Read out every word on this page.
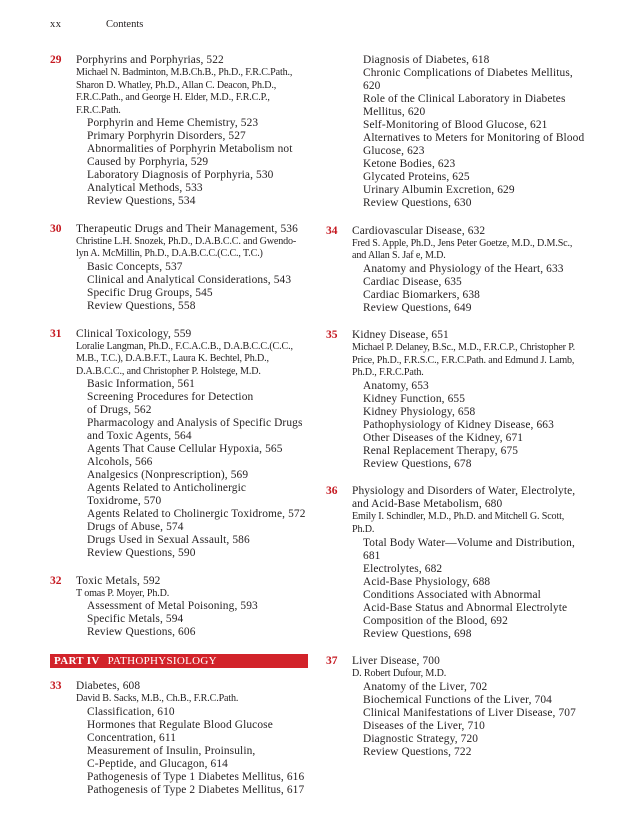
xx	Contents
29 Porphyrins and Porphyrias, 522
Michael N. Badminton, M.B.Ch.B., Ph.D., F.R.C.Path.,
Sharon D. Whatley, Ph.D., Allan C. Deacon, Ph.D.,
F.R.C.Path., and George H. Elder, M.D., F.R.C.P.,
F.R.C.Path.
Porphyrin and Heme Chemistry, 523
Primary Porphyrin Disorders, 527
Abnormalities of Porphyrin Metabolism not
Caused by Porphyria, 529
Laboratory Diagnosis of Porphyria, 530
Analytical Methods, 533
Review Questions, 534
30 Therapeutic Drugs and Their Management, 536
Christine L.H. Snozek, Ph.D., D.A.B.C.C. and Gwendo-
lyn A. McMillin, Ph.D., D.A.B.C.C.(C.C., T.C.)
Basic Concepts, 537
Clinical and Analytical Considerations, 543
Specific Drug Groups, 545
Review Questions, 558
31 Clinical Toxicology, 559
Loralie Langman, Ph.D., F.C.A.C.B., D.A.B.C.C.(C.C.,
M.B., T.C.), D.A.B.F.T., Laura K. Bechtel, Ph.D.,
D.A.B.C.C., and Christopher P. Holstege, M.D.
Basic Information, 561
Screening Procedures for Detection
of Drugs, 562
Pharmacology and Analysis of Specific Drugs
and Toxic Agents, 564
Agents That Cause Cellular Hypoxia, 565
Alcohols, 566
Analgesics (Nonprescription), 569
Agents Related to Anticholinergic
Toxidrome, 570
Agents Related to Cholinergic Toxidrome, 572
Drugs of Abuse, 574
Drugs Used in Sexual Assault, 586
Review Questions, 590
32 Toxic Metals, 592
T omas P. Moyer, Ph.D.
Assessment of Metal Poisoning, 593
Specific Metals, 594
Review Questions, 606
PART IV PATHOPHYSIOLOGY
33 Diabetes, 608
David B. Sacks, M.B., Ch.B., F.R.C.Path.
Classification, 610
Hormones that Regulate Blood Glucose
Concentration, 611
Measurement of Insulin, Proinsulin,
C-Peptide, and Glucagon, 614
Pathogenesis of Type 1 Diabetes Mellitus, 616
Pathogenesis of Type 2 Diabetes Mellitus, 617
Diagnosis of Diabetes, 618
Chronic Complications of Diabetes Mellitus,
620
Role of the Clinical Laboratory in Diabetes
Mellitus, 620
Self-Monitoring of Blood Glucose, 621
Alternatives to Meters for Monitoring of Blood
Glucose, 623
Ketone Bodies, 623
Glycated Proteins, 625
Urinary Albumin Excretion, 629
Review Questions, 630
34 Cardiovascular Disease, 632
Fred S. Apple, Ph.D., Jens Peter Goetze, M.D., D.M.Sc.,
and Allan S. Jaf e, M.D.
Anatomy and Physiology of the Heart, 633
Cardiac Disease, 635
Cardiac Biomarkers, 638
Review Questions, 649
35 Kidney Disease, 651
Michael P. Delaney, B.Sc., M.D., F.R.C.P., Christopher P.
Price, Ph.D., F.R.S.C., F.R.C.Path. and Edmund J. Lamb,
Ph.D., F.R.C.Path.
Anatomy, 653
Kidney Function, 655
Kidney Physiology, 658
Pathophysiology of Kidney Disease, 663
Other Diseases of the Kidney, 671
Renal Replacement Therapy, 675
Review Questions, 678
36 Physiology and Disorders of Water, Electrolyte,
and Acid-Base Metabolism, 680
Emily I. Schindler, M.D., Ph.D. and Mitchell G. Scott,
Ph.D.
Total Body Water—Volume and Distribution,
681
Electrolytes, 682
Acid-Base Physiology, 688
Conditions Associated with Abnormal
Acid-Base Status and Abnormal Electrolyte
Composition of the Blood, 692
Review Questions, 698
37 Liver Disease, 700
D. Robert Dufour, M.D.
Anatomy of the Liver, 702
Biochemical Functions of the Liver, 704
Clinical Manifestations of Liver Disease, 707
Diseases of the Liver, 710
Diagnostic Strategy, 720
Review Questions, 722
